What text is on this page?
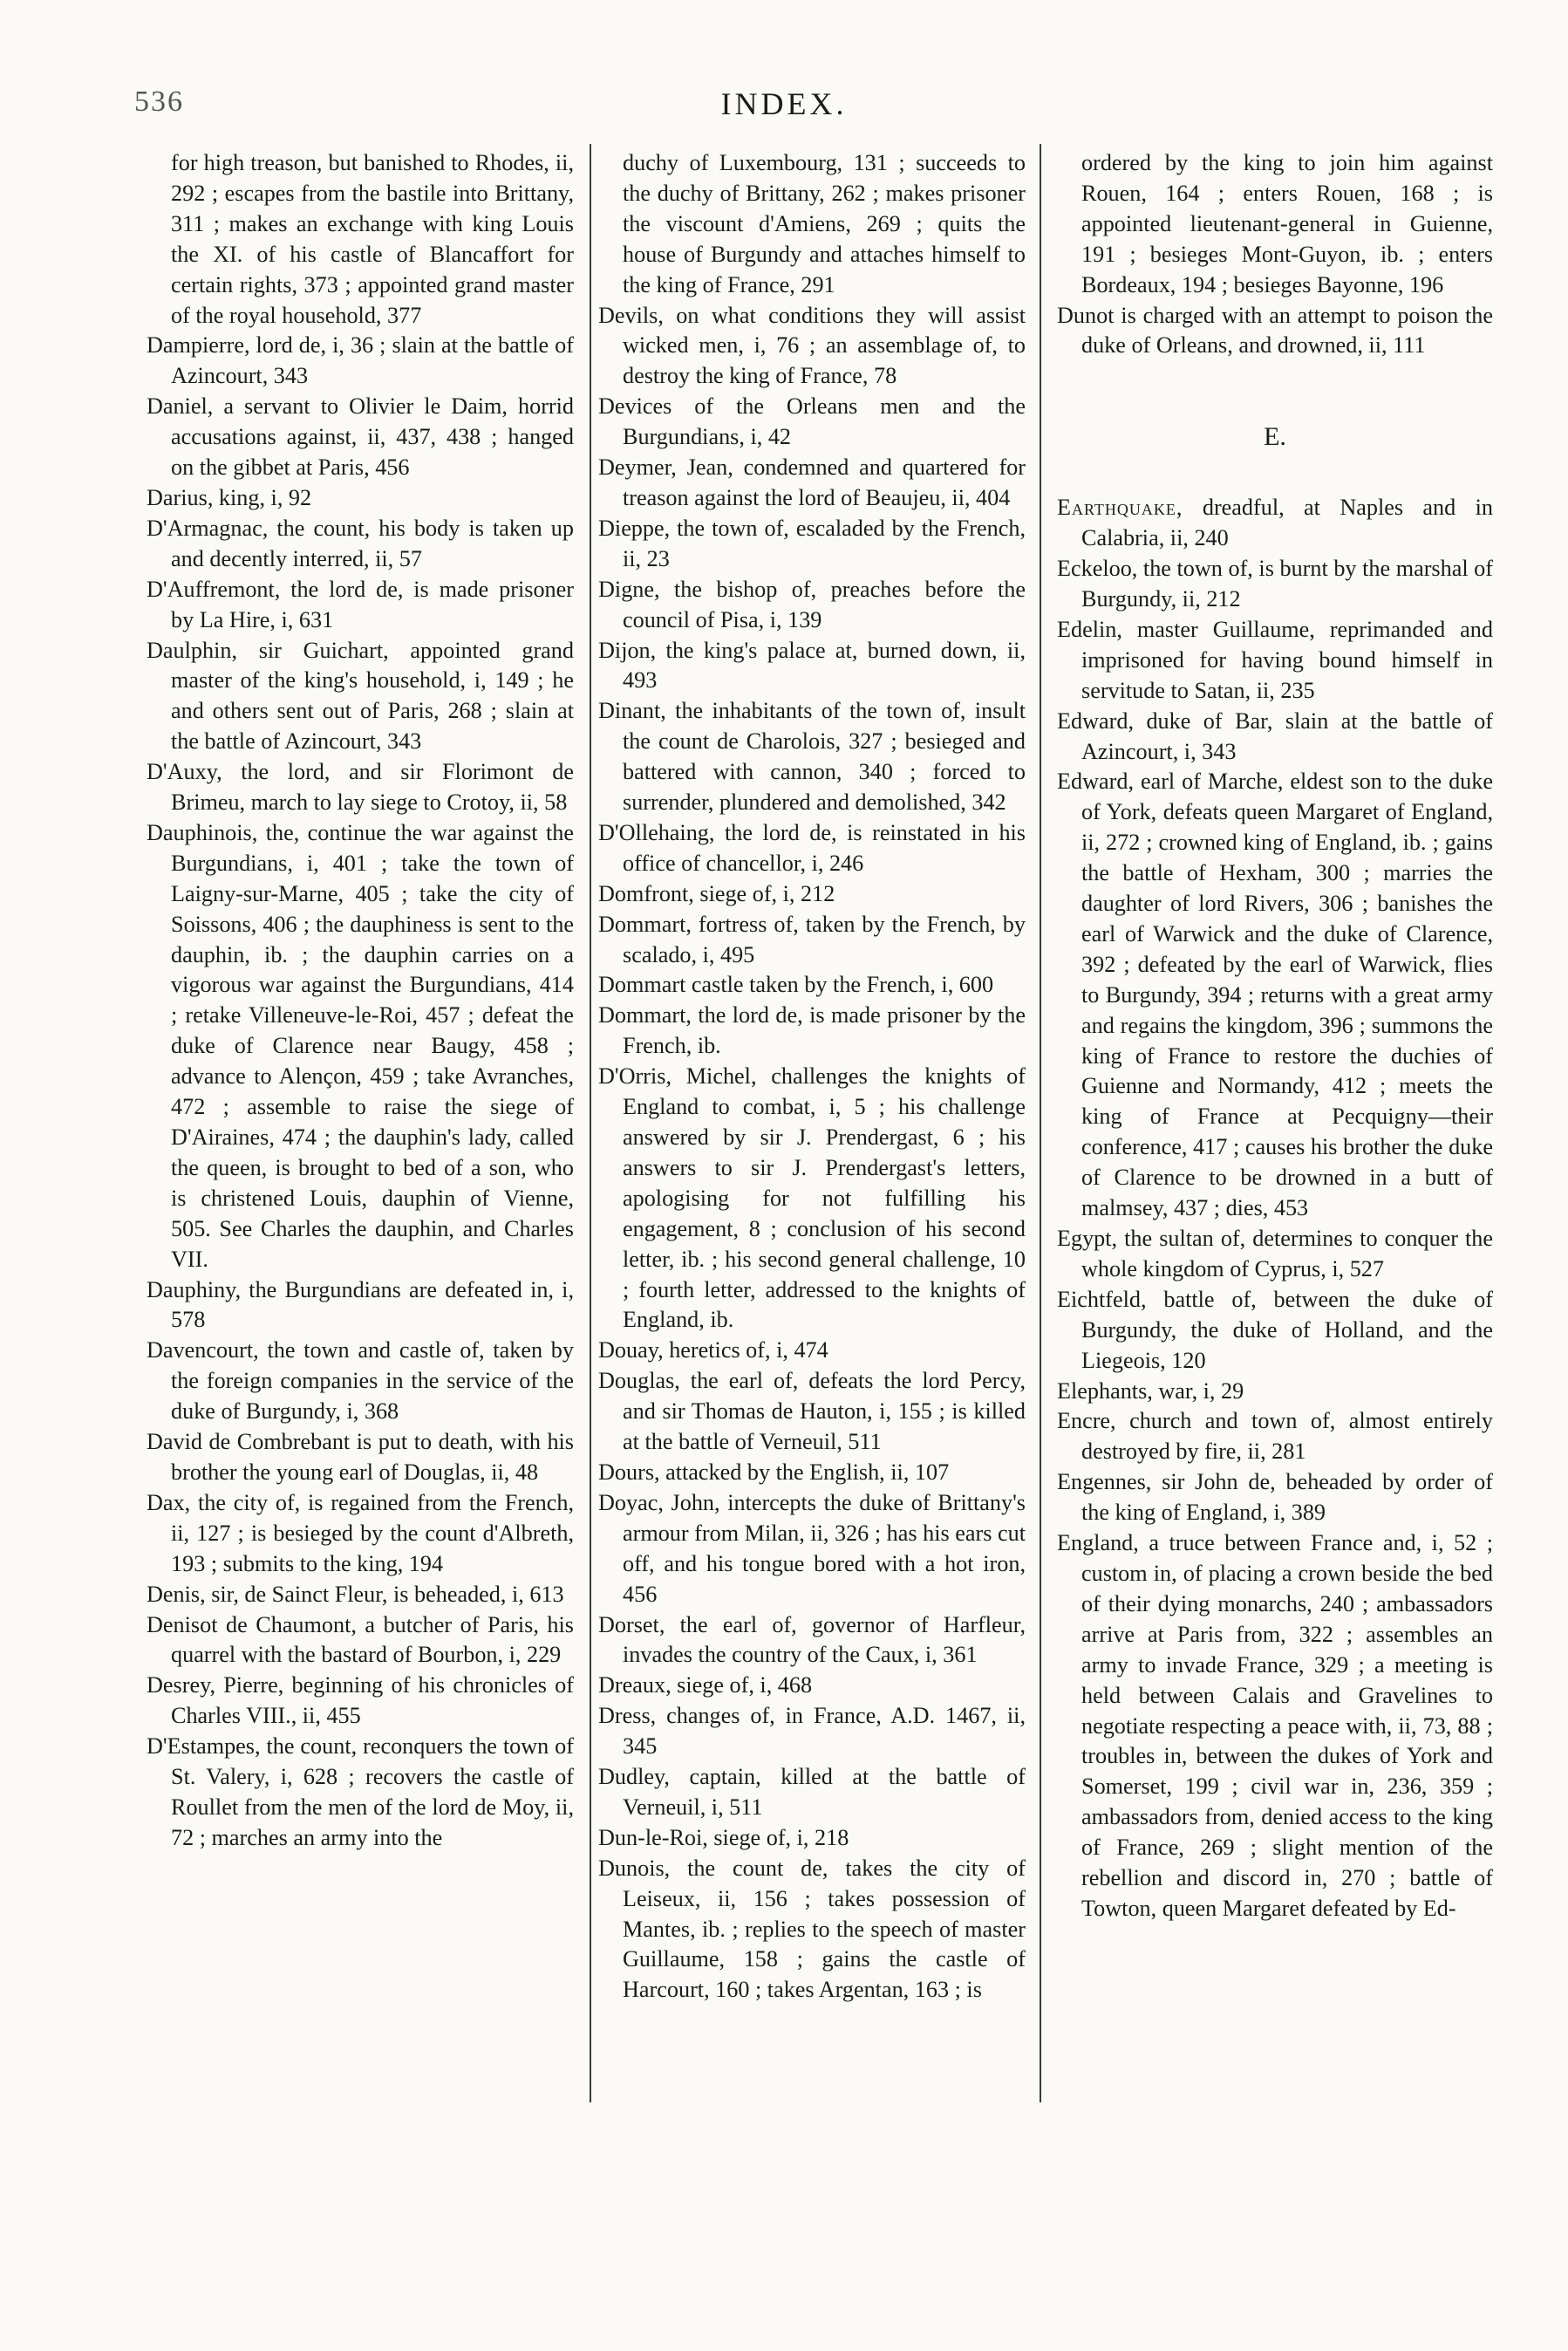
536	INDEX.
for high treason, but banished to Rhodes, ii, 292 ; escapes from the bastile into Brittany, 311 ; makes an exchange with king Louis the XI. of his castle of Blancaffort for certain rights, 373 ; appointed grand master of the royal household, 377
Dampierre, lord de, i, 36 ; slain at the battle of Azincourt, 343
Daniel, a servant to Olivier le Daim, horrid accusations against, ii, 437, 438 ; hanged on the gibbet at Paris, 456
Darius, king, i, 92
D'Armagnac, the count, his body is taken up and decently interred, ii, 57
D'Auffremont, the lord de, is made prisoner by La Hire, i, 631
Daulphin, sir Guichart, appointed grand master of the king's household, i, 149 ; he and others sent out of Paris, 268 ; slain at the battle of Azincourt, 343
D'Auxy, the lord, and sir Florimont de Brimeu, march to lay siege to Crotoy, ii, 58
Dauphinois, the, continue the war against the Burgundians, i, 401 ; take the town of Laigny-sur-Marne, 405 ; take the city of Soissons, 406 ; the dauphiness is sent to the dauphin, ib. ; the dauphin carries on a vigorous war against the Burgundians, 414 ; retake Villeneuve-le-Roi, 457 ; defeat the duke of Clarence near Baugy, 458 ; advance to Alençon, 459 ; take Avranches, 472 ; assemble to raise the siege of D'Airaines, 474 ; the dauphin's lady, called the queen, is brought to bed of a son, who is christened Louis, dauphin of Vienne, 505. See Charles the dauphin, and Charles VII.
Dauphiny, the Burgundians are defeated in, i, 578
Davencourt, the town and castle of, taken by the foreign companies in the service of the duke of Burgundy, i, 368
David de Combrebant is put to death, with his brother the young earl of Douglas, ii, 48
Dax, the city of, is regained from the French, ii, 127 ; is besieged by the count d'Albreth, 193 ; submits to the king, 194
Denis, sir, de Sainct Fleur, is beheaded, i, 613
Denisot de Chaumont, a butcher of Paris, his quarrel with the bastard of Bourbon, i, 229
Desrey, Pierre, beginning of his chronicles of Charles VIII., ii, 455
D'Estampes, the count, reconquers the town of St. Valery, i, 628 ; recovers the castle of Roullet from the men of the lord de Moy, ii, 72 ; marches an army into the
duchy of Luxembourg, 131 ; succeeds to the duchy of Brittany, 262 ; makes prisoner the viscount d'Amiens, 269 ; quits the house of Burgundy and attaches himself to the king of France, 291
Devils, on what conditions they will assist wicked men, i, 76 ; an assemblage of, to destroy the king of France, 78
Devices of the Orleans men and the Burgundians, i, 42
Deymer, Jean, condemned and quartered for treason against the lord of Beaujeu, ii, 404
Dieppe, the town of, escaladed by the French, ii, 23
Digne, the bishop of, preaches before the council of Pisa, i, 139
Dijon, the king's palace at, burned down, ii, 493
Dinant, the inhabitants of the town of, insult the count de Charolois, 327 ; besieged and battered with cannon, 340 ; forced to surrender, plundered and demolished, 342
D'Ollehaing, the lord de, is reinstated in his office of chancellor, i, 246
Domfront, siege of, i, 212
Dommart, fortress of, taken by the French, by scalado, i, 495
Dommart castle taken by the French, i, 600
Dommart, the lord de, is made prisoner by the French, ib.
D'Orris, Michel, challenges the knights of England to combat, i, 5 ; his challenge answered by sir J. Prendergast, 6 ; his answers to sir J. Prendergast's letters, apologising for not fulfilling his engagement, 8 ; conclusion of his second letter, ib. ; his second general challenge, 10 ; fourth letter, addressed to the knights of England, ib.
Douay, heretics of, i, 474
Douglas, the earl of, defeats the lord Percy, and sir Thomas de Hauton, i, 155 ; is killed at the battle of Verneuil, 511
Dours, attacked by the English, ii, 107
Doyac, John, intercepts the duke of Brittany's armour from Milan, ii, 326 ; has his ears cut off, and his tongue bored with a hot iron, 456
Dorset, the earl of, governor of Harfleur, invades the country of the Caux, i, 361
Dreaux, siege of, i, 468
Dress, changes of, in France, A.D. 1467, ii, 345
Dudley, captain, killed at the battle of Verneuil, i, 511
Dun-le-Roi, siege of, i, 218
Dunois, the count de, takes the city of Leiseux, ii, 156 ; takes possession of Mantes, ib. ; replies to the speech of master Guillaume, 158 ; gains the castle of Harcourt, 160 ; takes Argentan, 163 ; is
ordered by the king to join him against Rouen, 164 ; enters Rouen, 168 ; is appointed lieutenant-general in Guienne, 191 ; besieges Mont-Guyon, ib. ; enters Bordeaux, 194 ; besieges Bayonne, 196
Dunot is charged with an attempt to poison the duke of Orleans, and drowned, ii, 111
E.
Earthquake, dreadful, at Naples and in Calabria, ii, 240
Eckeloo, the town of, is burnt by the marshal of Burgundy, ii, 212
Edelin, master Guillaume, reprimanded and imprisoned for having bound himself in servitude to Satan, ii, 235
Edward, duke of Bar, slain at the battle of Azincourt, i, 343
Edward, earl of Marche, eldest son to the duke of York, defeats queen Margaret of England, ii, 272 ; crowned king of England, ib. ; gains the battle of Hexham, 300 ; marries the daughter of lord Rivers, 306 ; banishes the earl of Warwick and the duke of Clarence, 392 ; defeated by the earl of Warwick, flies to Burgundy, 394 ; returns with a great army and regains the kingdom, 396 ; summons the king of France to restore the duchies of Guienne and Normandy, 412 ; meets the king of France at Pecquigny—their conference, 417 ; causes his brother the duke of Clarence to be drowned in a butt of malmsey, 437 ; dies, 453
Egypt, the sultan of, determines to conquer the whole kingdom of Cyprus, i, 527
Eichtfeld, battle of, between the duke of Burgundy, the duke of Holland, and the Liegeois, 120
Elephants, war, i, 29
Encre, church and town of, almost entirely destroyed by fire, ii, 281
Engennes, sir John de, beheaded by order of the king of England, i, 389
England, a truce between France and, i, 52 ; custom in, of placing a crown beside the bed of their dying monarchs, 240 ; ambassadors arrive at Paris from, 322 ; assembles an army to invade France, 329 ; a meeting is held between Calais and Gravelines to negotiate respecting a peace with, ii, 73, 88 ; troubles in, between the dukes of York and Somerset, 199 ; civil war in, 236, 359 ; ambassadors from, denied access to the king of France, 269 ; slight mention of the rebellion and discord in, 270 ; battle of Towton, queen Margaret defeated by Ed-
